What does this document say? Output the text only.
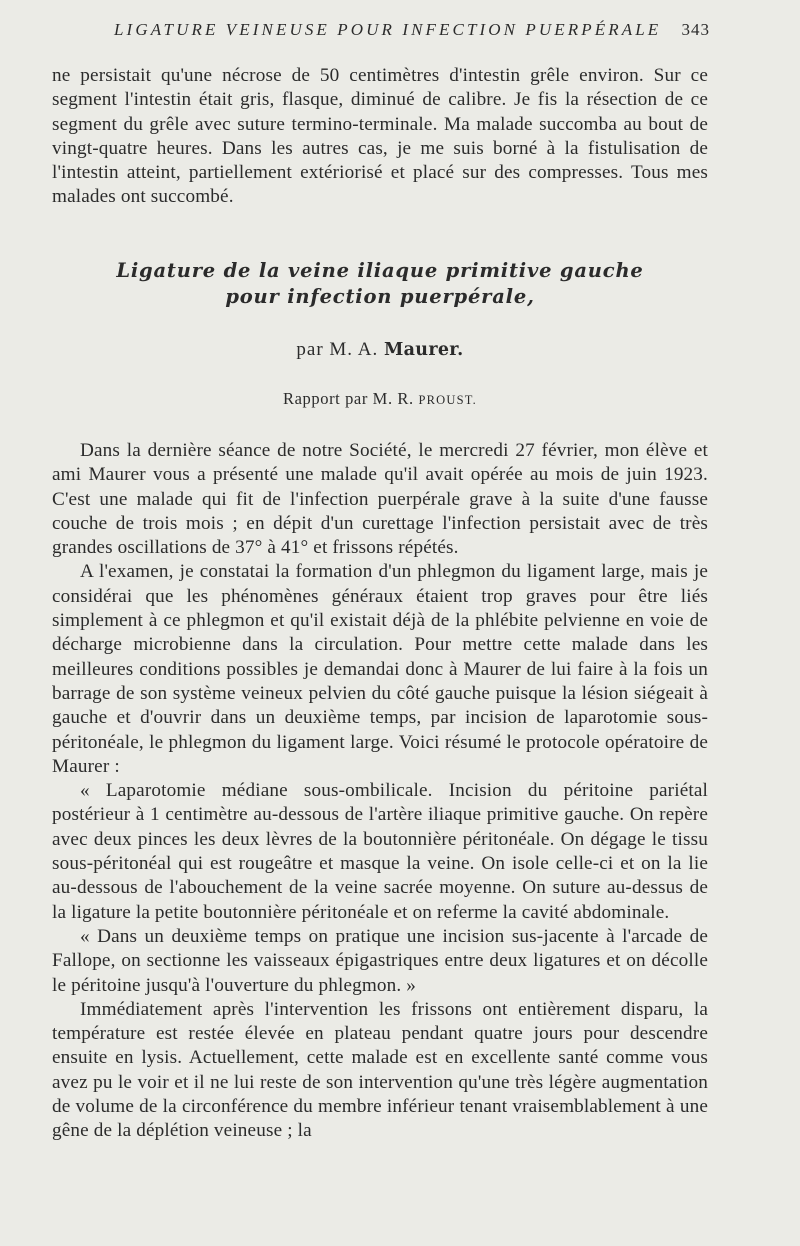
LIGATURE VEINEUSE POUR INFECTION PUERPÉRALE 343

ne persistait qu'une nécrose de 50 centimètres d'intestin grêle environ. Sur ce segment l'intestin était gris, flasque, diminué de calibre. Je fis la résection de ce segment du grêle avec suture termino-terminale. Ma malade succomba au bout de vingt-quatre heures. Dans les autres cas, je me suis borné à la fistulisation de l'intestin atteint, partiellement extériorisé et placé sur des compresses. Tous mes malades ont succombé.

Ligature de la veine iliaque primitive gauche
pour infection puerpérale,
par M. A. Maurer.
Rapport par M. R. PROUST.

Dans la dernière séance de notre Société, le mercredi 27 février, mon élève et ami Maurer vous a présenté une malade qu'il avait opérée au mois de juin 1923. C'est une malade qui fit de l'infection puerpérale grave à la suite d'une fausse couche de trois mois ; en dépit d'un curettage l'infection persistait avec de très grandes oscillations de 37° à 41° et frissons répétés.

A l'examen, je constatai la formation d'un phlegmon du ligament large, mais je considérai que les phénomènes généraux étaient trop graves pour être liés simplement à ce phlegmon et qu'il existait déjà de la phlébite pelvienne en voie de décharge microbienne dans la circulation. Pour mettre cette malade dans les meilleures conditions possibles je demandai donc à Maurer de lui faire à la fois un barrage de son système veineux pelvien du côté gauche puisque la lésion siégeait à gauche et d'ouvrir dans un deuxième temps, par incision de laparotomie sous-péritonéale, le phlegmon du ligament large. Voici résumé le protocole opératoire de Maurer :

« Laparotomie médiane sous-ombilicale. Incision du péritoine pariétal postérieur à 1 centimètre au-dessous de l'artère iliaque primitive gauche. On repère avec deux pinces les deux lèvres de la boutonnière péritonéale. On dégage le tissu sous-péritonéal qui est rougeâtre et masque la veine. On isole celle-ci et on la lie au-dessous de l'abouchement de la veine sacrée moyenne. On suture au-dessus de la ligature la petite boutonnière péritonéale et on referme la cavité abdominale.

« Dans un deuxième temps on pratique une incision sus-jacente à l'arcade de Fallope, on sectionne les vaisseaux épigastriques entre deux ligatures et on décolle le péritoine jusqu'à l'ouverture du phlegmon. »

Immédiatement après l'intervention les frissons ont entièrement disparu, la température est restée élevée en plateau pendant quatre jours pour descendre ensuite en lysis. Actuellement, cette malade est en excellente santé comme vous avez pu le voir et il ne lui reste de son intervention qu'une très légère augmentation de volume de la circonférence du membre inférieur tenant vraisemblablement à une gêne de la déplétion veineuse ; la
